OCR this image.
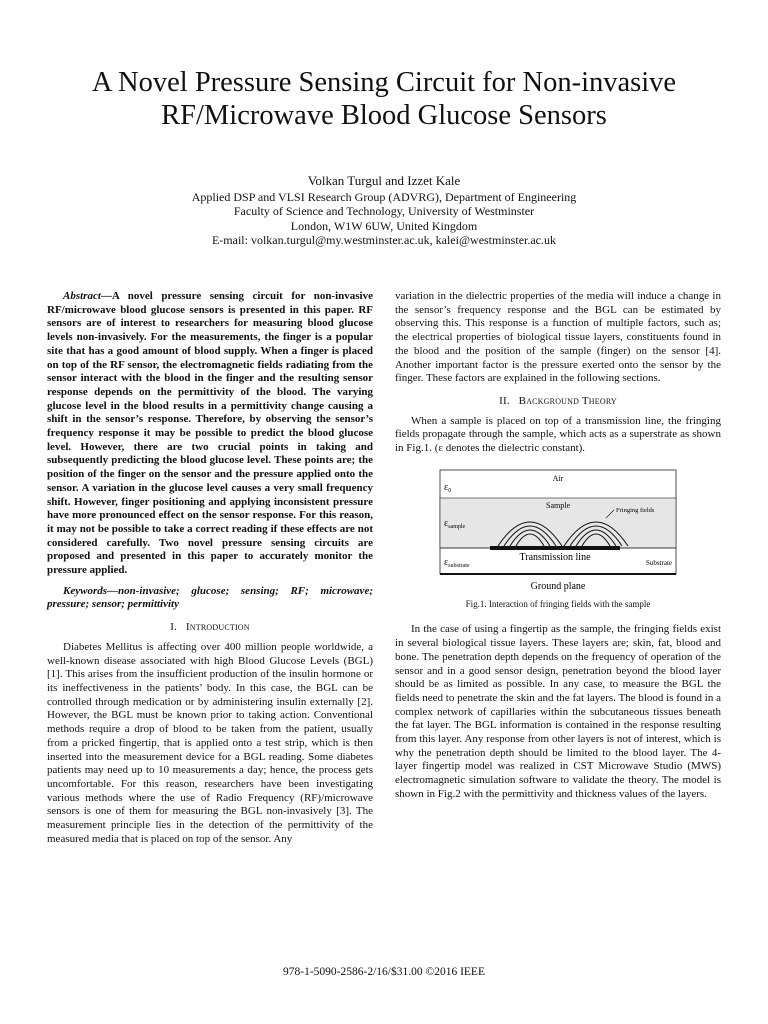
A Novel Pressure Sensing Circuit for Non-invasive
RF/Microwave Blood Glucose Sensors
Volkan Turgul and Izzet Kale
Applied DSP and VLSI Research Group (ADVRG), Department of Engineering
Faculty of Science and Technology, University of Westminster
London, W1W 6UW, United Kingdom
E-mail: volkan.turgul@my.westminster.ac.uk, kalei@westminster.ac.uk

Abstract—A novel pressure sensing circuit for non-invasive RF/microwave blood glucose sensors is presented in this paper. RF sensors are of interest to researchers for measuring blood glucose levels non-invasively. For the measurements, the finger is a popular site that has a good amount of blood supply. When a finger is placed on top of the RF sensor, the electromagnetic fields radiating from the sensor interact with the blood in the finger and the resulting sensor response depends on the permittivity of the blood. The varying glucose level in the blood results in a permittivity change causing a shift in the sensor’s response. Therefore, by observing the sensor’s frequency response it may be possible to predict the blood glucose level. However, there are two crucial points in taking and subsequently predicting the blood glucose level. These points are; the position of the finger on the sensor and the pressure applied onto the sensor. A variation in the glucose level causes a very small frequency shift. However, finger positioning and applying inconsistent pressure have more pronounced effect on the sensor response. For this reason, it may not be possible to take a correct reading if these effects are not considered carefully. Two novel pressure sensing circuits are proposed and presented in this paper to accurately monitor the pressure applied.

Keywords—non-invasive; glucose; sensing; RF; microwave; pressure; sensor; permittivity

I. Introduction

Diabetes Mellitus is affecting over 400 million people worldwide, a well-known disease associated with high Blood Glucose Levels (BGL) [1]. This arises from the insufficient production of the insulin hormone or its ineffectiveness in the patients’ body. In this case, the BGL can be controlled through medication or by administering insulin externally [2]. However, the BGL must be known prior to taking action. Conventional methods require a drop of blood to be taken from the patient, usually from a pricked fingertip, that is applied onto a test strip, which is then inserted into the measurement device for a BGL reading. Some diabetes patients may need up to 10 measurements a day; hence, the process gets uncomfortable. For this reason, researchers have been investigating various methods where the use of Radio Frequency (RF)/microwave sensors is one of them for measuring the BGL non-invasively [3]. The measurement principle lies in the detection of the permittivity of the measured media that is placed on top of the sensor. Any

variation in the dielectric properties of the media will induce a change in the sensor’s frequency response and the BGL can be estimated by observing this. This response is a function of multiple factors, such as; the electrical properties of biological tissue layers, constituents found in the blood and the position of the sample (finger) on the sensor [4]. Another important factor is the pressure exerted onto the sensor by the finger. These factors are explained in the following sections.

II. Background Theory

When a sample is placed on top of a transmission line, the fringing fields propagate through the sample, which acts as a superstrate as shown in Fig.1. (ε denotes the dielectric constant).

Air
$\varepsilon_0$
Sample
Fringing fields
$\varepsilon_{sample}$
Transmission line
$\varepsilon_{substrate}$	Substrate
Ground plane

Fig.1. Interaction of fringing fields with the sample

In the case of using a fingertip as the sample, the fringing fields exist in several biological tissue layers. These layers are; skin, fat, blood and bone. The penetration depth depends on the frequency of operation of the sensor and in a good sensor design, penetration beyond the blood layer should be as limited as possible. In any case, to measure the BGL the fields need to penetrate the skin and the fat layers. The blood is found in a complex network of capillaries within the subcutaneous tissues beneath the fat layer. The BGL information is contained in the response resulting from this layer. Any response from other layers is not of interest, which is why the penetration depth should be limited to the blood layer. The 4-layer fingertip model was realized in CST Microwave Studio (MWS) electromagnetic simulation software to validate the theory. The model is shown in Fig.2 with the permittivity and thickness values of the layers.

978-1-5090-2586-2/16/$31.00 ©2016 IEEE
